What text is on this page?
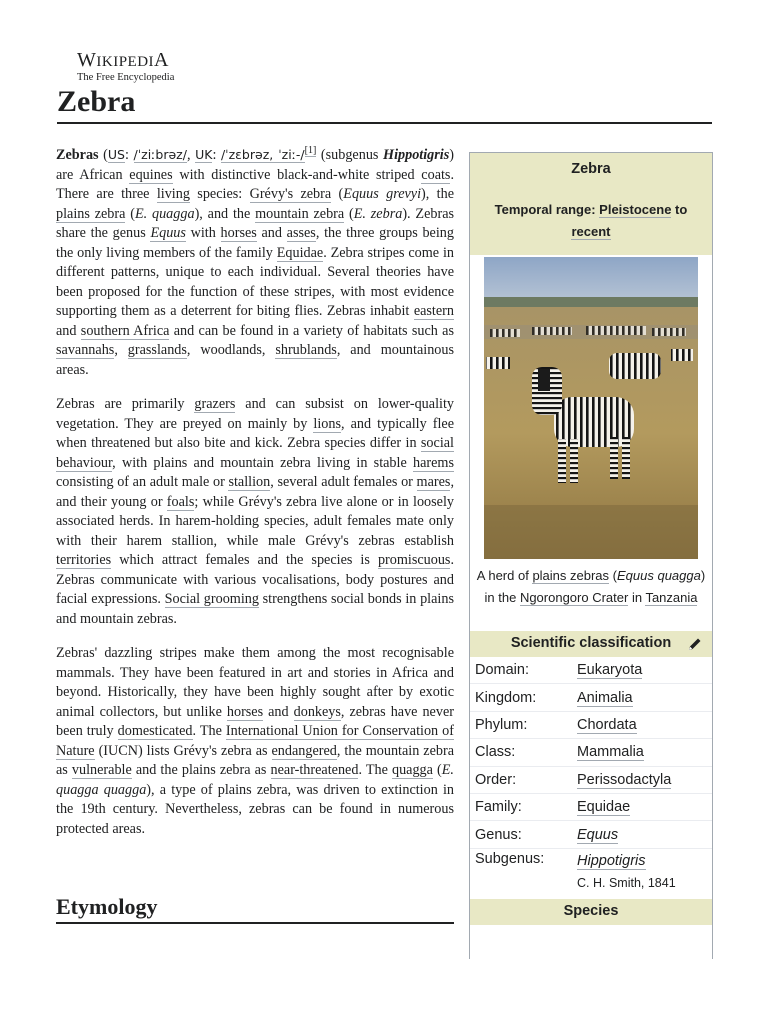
WIKIPEDIA
The Free Encyclopedia
Zebra
Zebra
Temporal range: Pleistocene to recent
A herd of plains zebras (Equus quagga) in the Ngorongoro Crater in Tanzania
Scientific classification
Domain:	Eukaryota
Kingdom:	Animalia
Phylum:	Chordata
Class:	Mammalia
Order:	Perissodactyla
Family:	Equidae
Genus:	Equus
Subgenus:	Hippotigris
C. H. Smith, 1841
Species

Zebras (US: /ˈziːbrəz/, UK: /ˈzɛbrəz, ˈziː-/[1] (subgenus Hippotigris) are African equines with distinctive black-and-white striped coats. There are three living species: Grévy's zebra (Equus grevyi), the plains zebra (E. quagga), and the mountain zebra (E. zebra). Zebras share the genus Equus with horses and asses, the three groups being the only living members of the family Equidae. Zebra stripes come in different patterns, unique to each individual. Several theories have been proposed for the function of these stripes, with most evidence supporting them as a deterrent for biting flies. Zebras inhabit eastern and southern Africa and can be found in a variety of habitats such as savannahs, grasslands, woodlands, shrublands, and mountainous areas.

Zebras are primarily grazers and can subsist on lower-quality vegetation. They are preyed on mainly by lions, and typically flee when threatened but also bite and kick. Zebra species differ in social behaviour, with plains and mountain zebra living in stable harems consisting of an adult male or stallion, several adult females or mares, and their young or foals; while Grévy's zebra live alone or in loosely associated herds. In harem-holding species, adult females mate only with their harem stallion, while male Grévy's zebras establish territories which attract females and the species is promiscuous. Zebras communicate with various vocalisations, body postures and facial expressions. Social grooming strengthens social bonds in plains and mountain zebras.

Zebras' dazzling stripes make them among the most recognisable mammals. They have been featured in art and stories in Africa and beyond. Historically, they have been highly sought after by exotic animal collectors, but unlike horses and donkeys, zebras have never been truly domesticated. The International Union for Conservation of Nature (IUCN) lists Grévy's zebra as endangered, the mountain zebra as vulnerable and the plains zebra as near-threatened. The quagga (E. quagga quagga), a type of plains zebra, was driven to extinction in the 19th century. Nevertheless, zebras can be found in numerous protected areas.

Etymology
